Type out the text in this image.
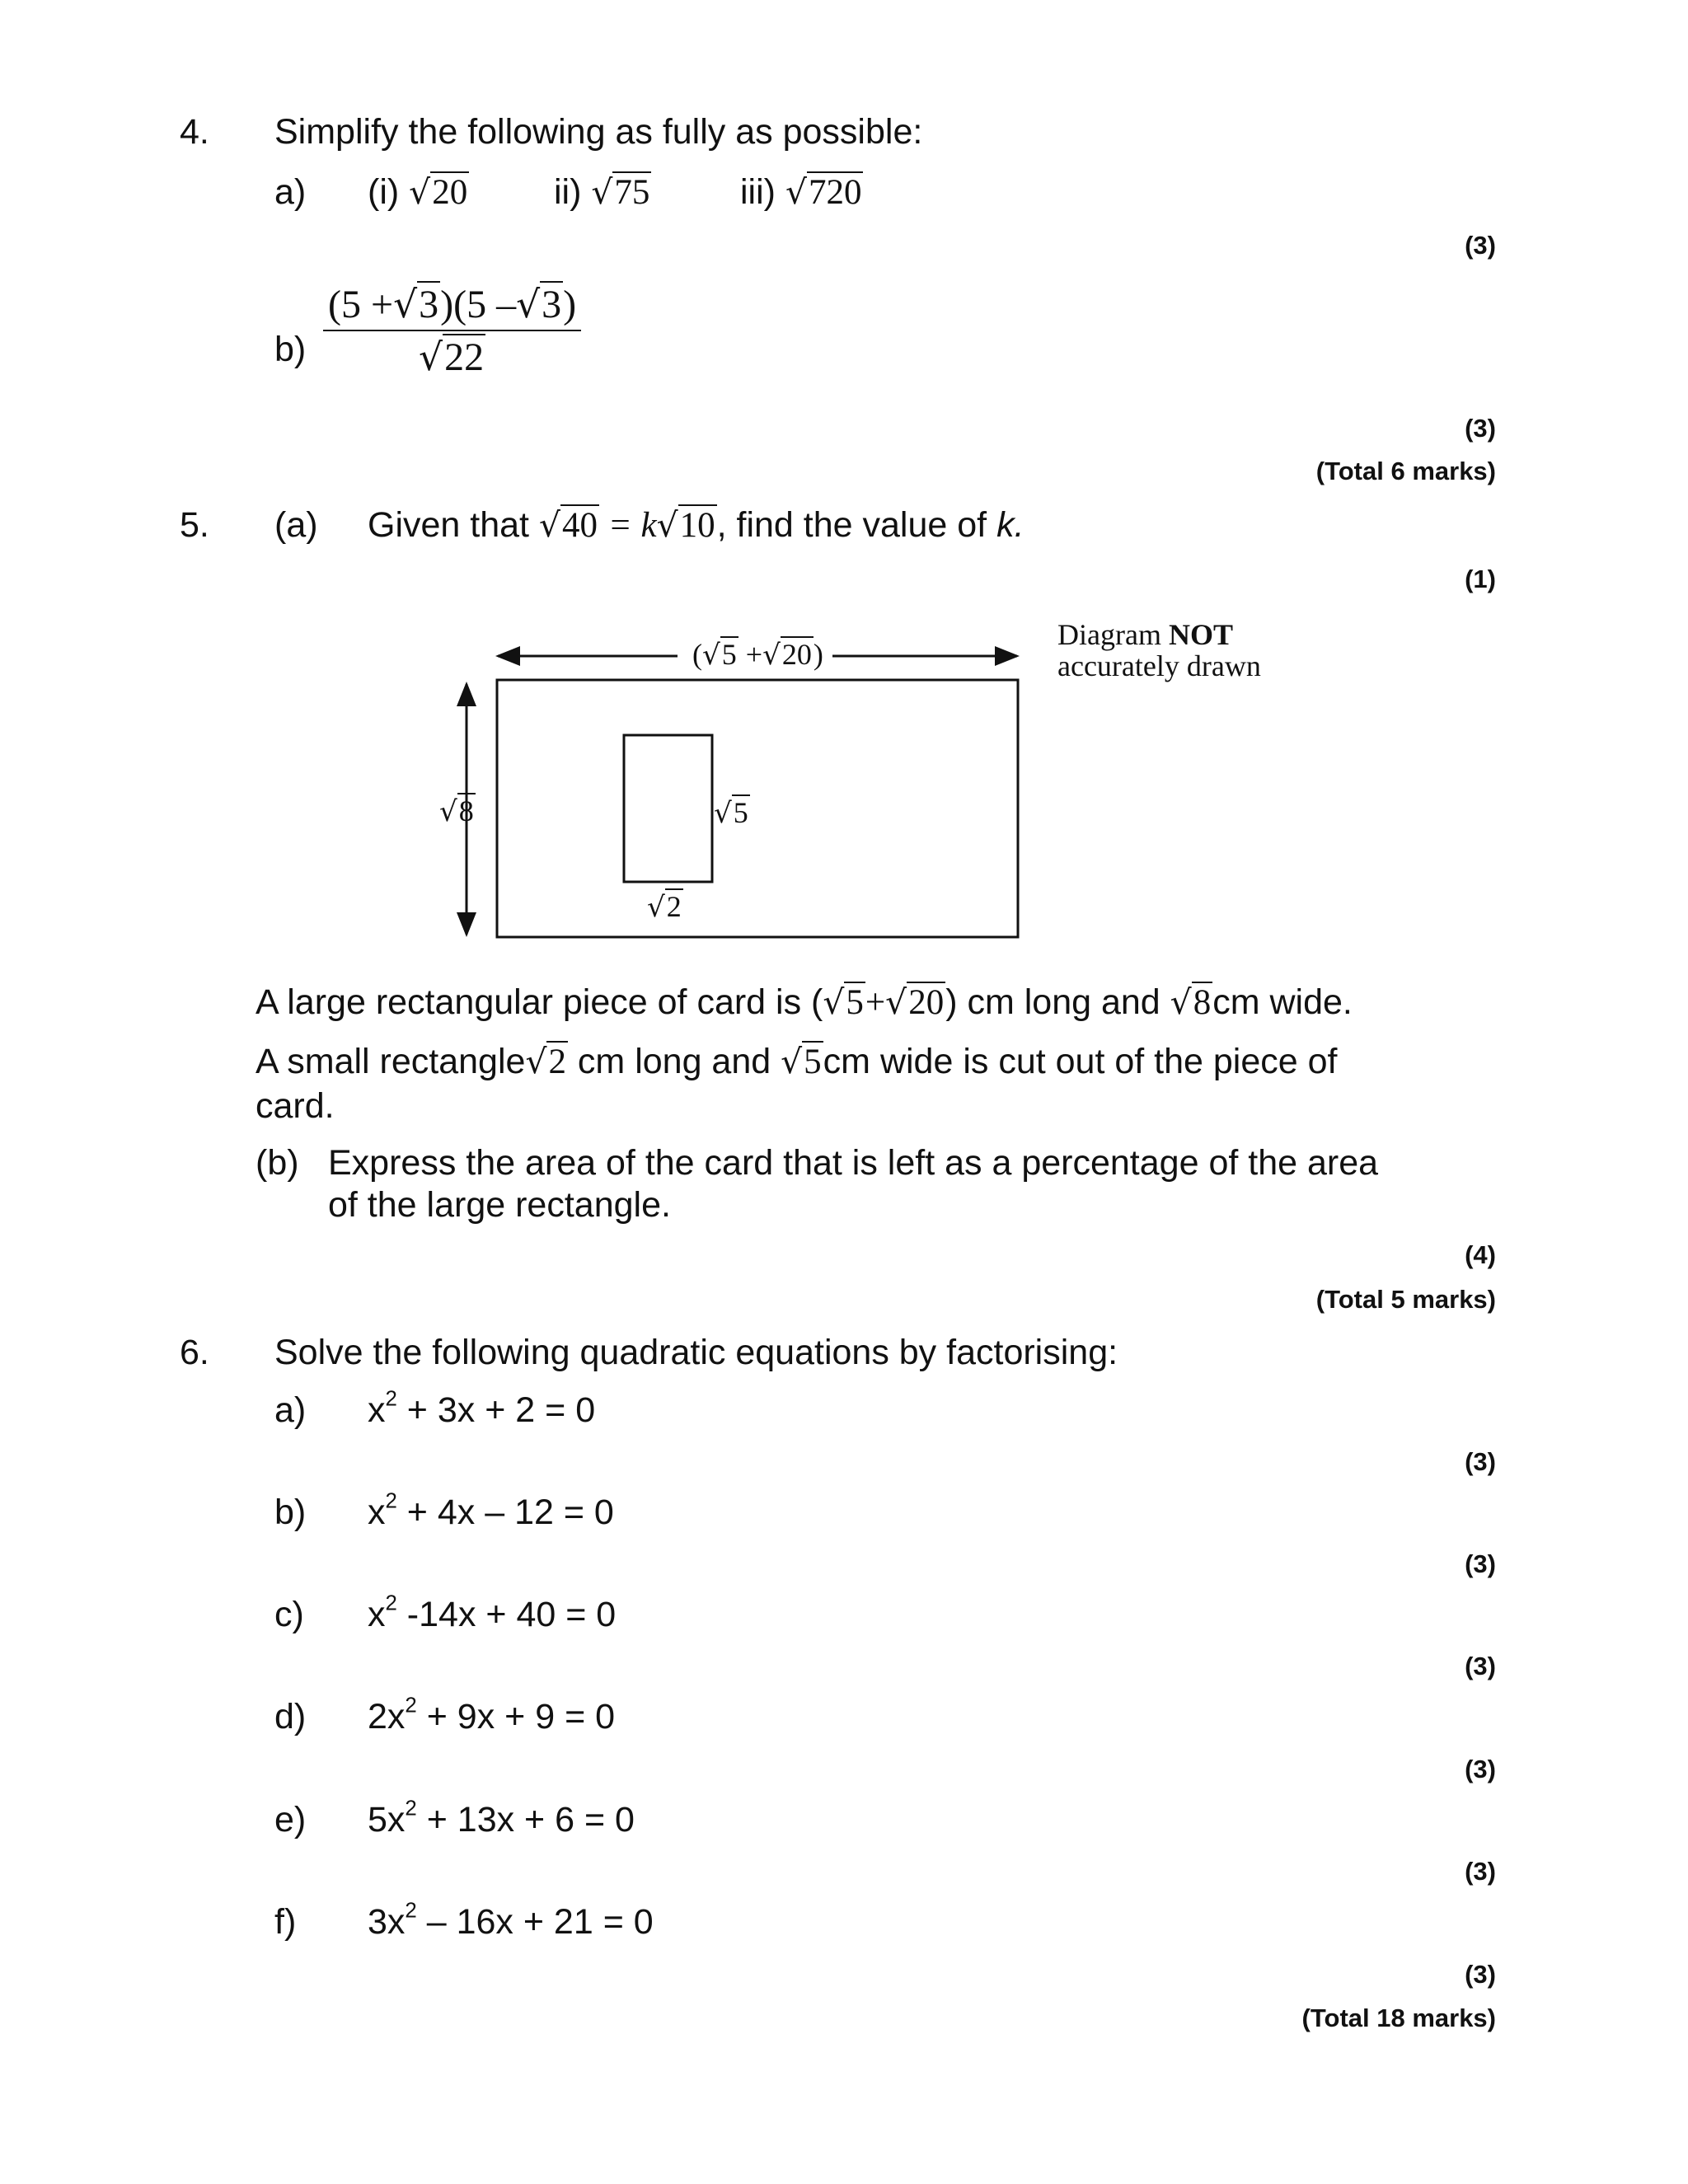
4. Simplify the following as fully as possible:
a) (i) √20 ii) √75	iii) √720
(3)
$b) \frac{(5 +√3)(5 -√3)}{√22}$
(3)
(Total 6 marks)
5. (a) Given that √40 = k√10, find the value of k.
(1)
Diagram NOT
accurately drawn
(√5 +√20)
√8	√5
√2
A large rectangular piece of card is (√5+√20) cm long and √8cm wide.
A small rectangle√2 cm long and √5cm wide is cut out of the piece of
card.
(b) Express the area of the card that is left as a percentage of the area
of the large rectangle.
(4)
(Total 5 marks)
6. Solve the following quadratic equations by factorising:
a) $x^2 + 3x + 2 = 0$
(3)
b) $x^2 + 4x - 12 = 0$
(3)
c) $x^2$ -14x + 40 = 0
(3)
d) $2x^2 + 9x + 9 = 0$
(3)
e) $5x^2 + 13x + 6 = 0$
(3)
f) $3x^2 - 16x + 21 = 0$
(3)
(Total 18 marks)
